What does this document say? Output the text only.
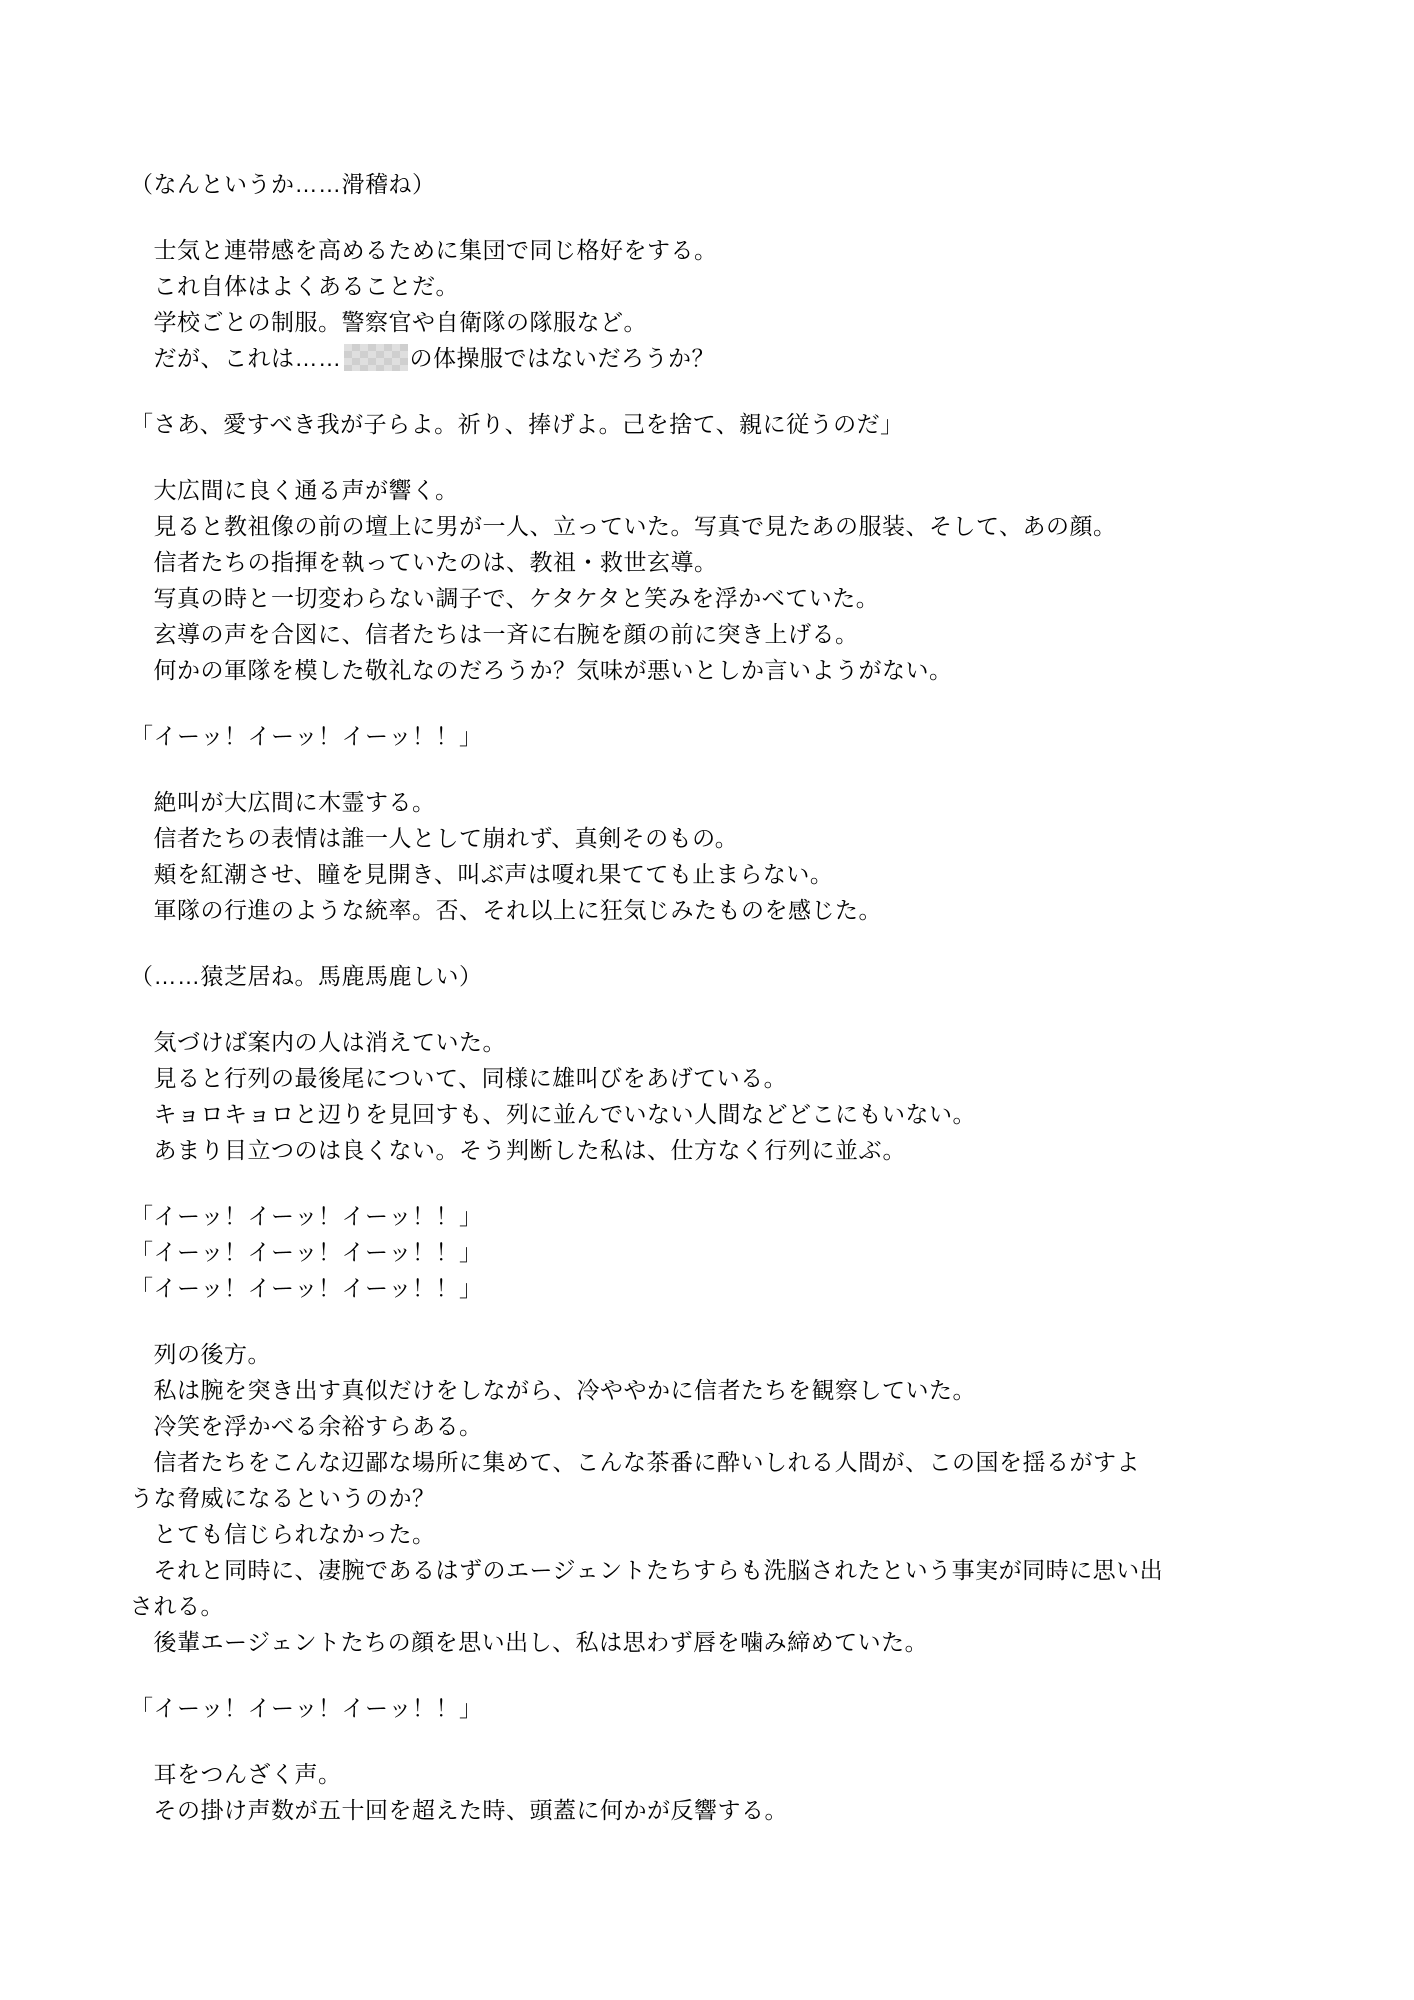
（なんというか……滑稽ね）
　士気と連帯感を高めるために集団で同じ格好をする。
　これ自体はよくあることだ。
　学校ごとの制服。警察官や自衛隊の隊服など。
　だが、これは……	の体操服ではないだろうか？
「さあ、愛すべき我が子らよ。祈り、捧げよ。己を捨て、親に従うのだ」
　大広間に良く通る声が響く。
　見ると教祖像の前の壇上に男が一人、立っていた。写真で見たあの服装、そして、あの顔。
　信者たちの指揮を執っていたのは、教祖・救世玄導。
　写真の時と一切変わらない調子で、ケタケタと笑みを浮かべていた。
　玄導の声を合図に、信者たちは一斉に右腕を顔の前に突き上げる。
　何かの軍隊を模した敬礼なのだろうか？気味が悪いとしか言いようがない。
「イーッ！イーッ！イーッ！！」
　絶叫が大広間に木霊する。
　信者たちの表情は誰一人として崩れず、真剣そのもの。
　頬を紅潮させ、瞳を見開き、叫ぶ声は嗄れ果てても止まらない。
　軍隊の行進のような統率。否、それ以上に狂気じみたものを感じた。
（……猿芝居ね。馬鹿馬鹿しい）
　気づけば案内の人は消えていた。
　見ると行列の最後尾について、同様に雄叫びをあげている。
　キョロキョロと辺りを見回すも、列に並んでいない人間などどこにもいない。
　あまり目立つのは良くない。そう判断した私は、仕方なく行列に並ぶ。
「イーッ！イーッ！イーッ！！」
「イーッ！イーッ！イーッ！！」
「イーッ！イーッ！イーッ！！」
　列の後方。
　私は腕を突き出す真似だけをしながら、冷ややかに信者たちを観察していた。
　冷笑を浮かべる余裕すらある。
　信者たちをこんな辺鄙な場所に集めて、こんな茶番に酔いしれる人間が、この国を揺るがすよ
うな脅威になるというのか？
　とても信じられなかった。
　それと同時に、凄腕であるはずのエージェントたちすらも洗脳されたという事実が同時に思い出
される。
　後輩エージェントたちの顔を思い出し、私は思わず唇を噛み締めていた。
「イーッ！イーッ！イーッ！！」
　耳をつんざく声。
　その掛け声数が五十回を超えた時、頭蓋に何かが反響する。
